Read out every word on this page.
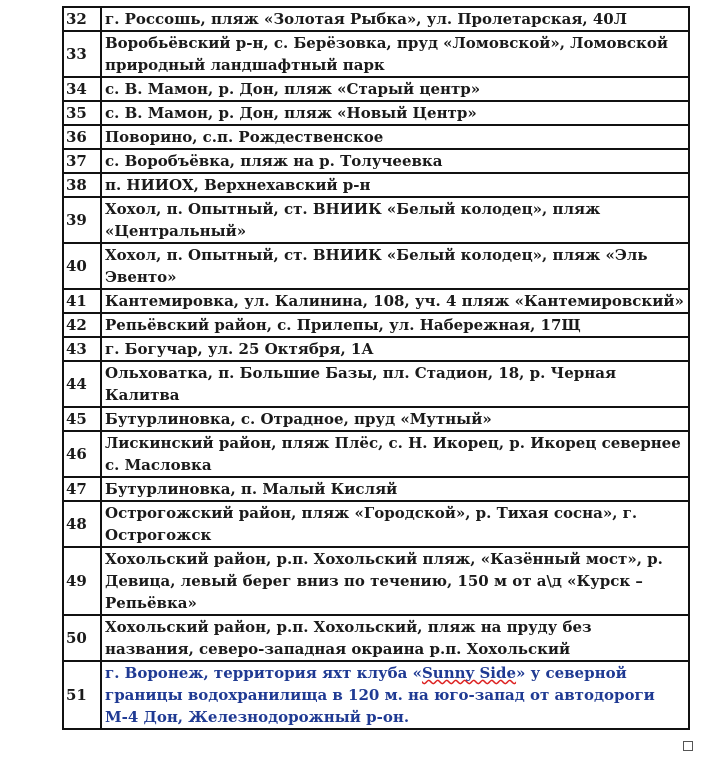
32	г. Россошь, пляж «Золотая Рыбка», ул. Пролетарская, 40Л
33	Воробьёвский р-н, с. Берёзовка, пруд «Ломовской», Ломовской природный ландшафтный парк
34	с. В. Мамон, р. Дон, пляж «Старый центр»
35	с. В. Мамон, р. Дон, пляж «Новый Центр»
36	Поворино, с.п. Рождественское
37	с. Воробъёвка, пляж на р. Толучеевка
38	п. НИИОХ, Верхнехавский р-н
39	Хохол, п. Опытный, ст. ВНИИК «Белый колодец», пляж «Центральный»
40	Хохол, п. Опытный, ст. ВНИИК «Белый колодец», пляж «Эль Эвенто»
41	Кантемировка, ул. Калинина, 108, уч. 4 пляж «Кантемировский»
42	Репьёвский район, с. Прилепы, ул. Набережная, 17Щ
43	г. Богучар, ул. 25 Октября, 1А
44	Ольховатка, п. Большие Базы, пл. Стадион, 18, р. Черная Калитва
45	Бутурлиновка, с. Отрадное, пруд «Мутный»
46	Лискинский район, пляж Плёс, с. Н. Икорец, р. Икорец севернее с. Масловка
47	Бутурлиновка, п. Малый Кисляй
48	Острогожский район, пляж «Городской», р. Тихая сосна», г. Острогожск
49	Хохольский район, р.п. Хохольский пляж, «Казённый мост», р. Девица, левый берег вниз по течению, 150 м от а\д «Курск – Репьёвка»
50	Хохольский район, р.п. Хохольский, пляж на пруду без названия, северо-западная окраина р.п. Хохольский
51	г. Воронеж, территория яхт клуба «Sunny Side» у северной границы водохранилища в 120 м. на юго-запад от автодороги М-4 Дон, Железнодорожный р-он.
